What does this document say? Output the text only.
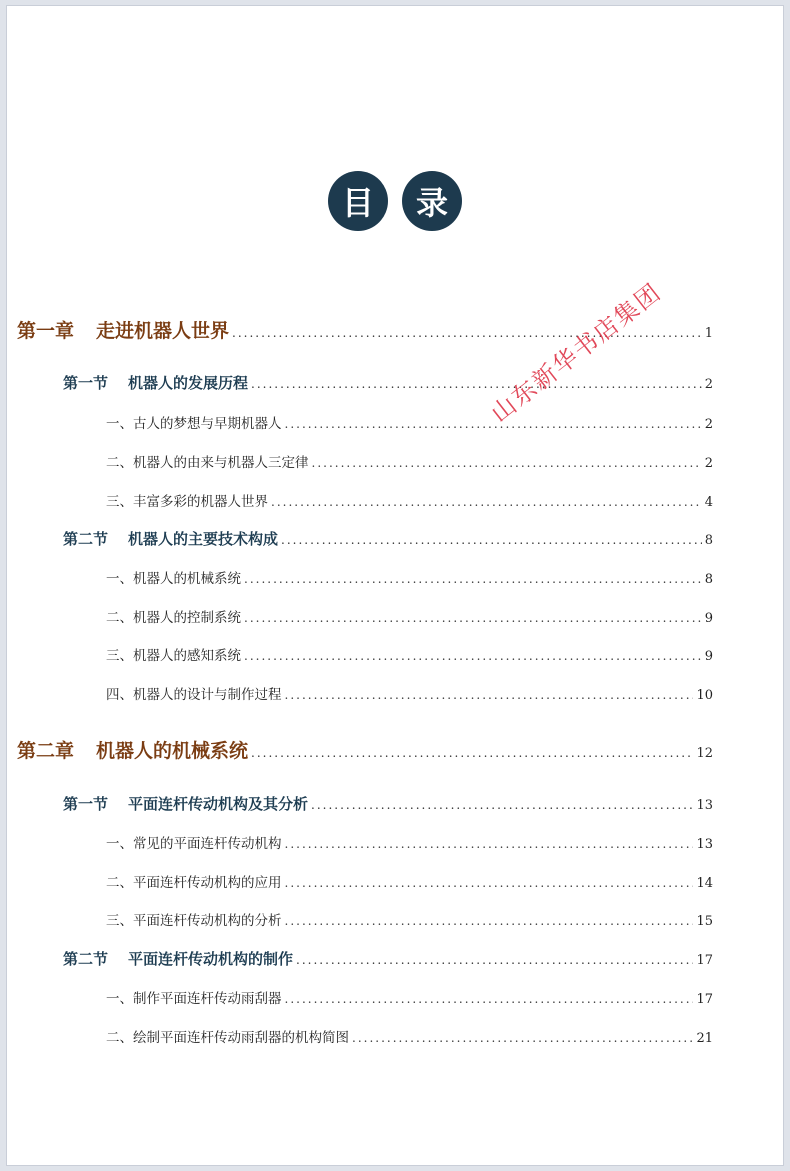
目	录
第一章 走进机器人世界 .....	1
第一节 机器人的发展历程 .....	2
一、古人的梦想与早期机器人 .....	2
二、机器人的由来与机器人三定律 .....	2
三、丰富多彩的机器人世界 .....	4
第二节 机器人的主要技术构成 .....	8
一、机器人的机械系统 .....	8
二、机器人的控制系统 .....	9
三、机器人的感知系统 .....	9
四、机器人的设计与制作过程 .....	10
第二章 机器人的机械系统 .....	12
第一节 平面连杆传动机构及其分析 .....	13
一、常见的平面连杆传动机构 .....	13
二、平面连杆传动机构的应用 .....	14
三、平面连杆传动机构的分析 .....	15
第二节 平面连杆传动机构的制作 .....	17
一、制作平面连杆传动雨刮器 .....	17
二、绘制平面连杆传动雨刮器的机构简图 .....	21
山东新华书店集团
